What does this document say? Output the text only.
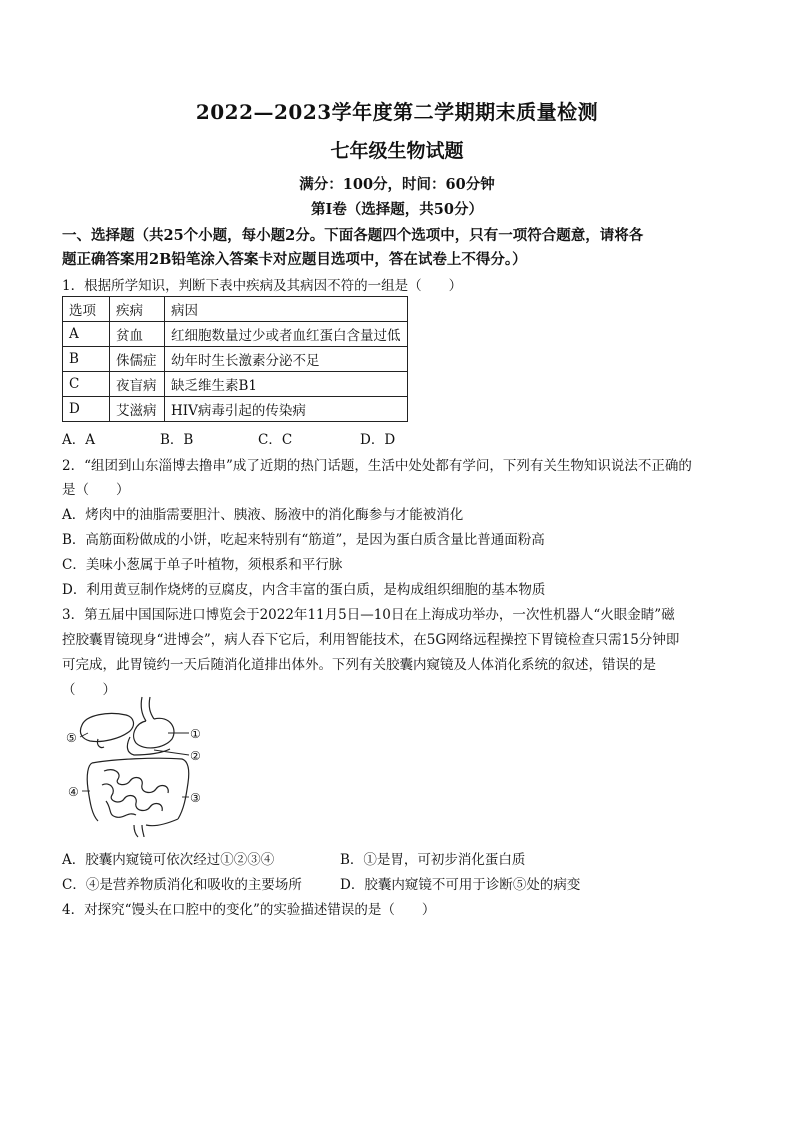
2022—2023学年度第二学期期末质量检测
七年级生物试题
满分：100分，时间：60分钟
第Ⅰ卷（选择题，共50分）
一、选择题（共25个小题，每小题2分。下面各题四个选项中，只有一项符合题意，请将各
题正确答案用2B铅笔涂入答案卡对应题目选项中，答在试卷上不得分。）
1．根据所学知识，判断下表中疾病及其病因不符的一组是（　　）
选项	疾病	病因
A	贫血	红细胞数量过少或者血红蛋白含量过低
B	侏儒症	幼年时生长激素分泌不足
C	夜盲病	缺乏维生素B1
D	艾滋病	HIV病毒引起的传染病
A．A	B．B	C．C	D．D
2．“组团到山东淄博去撸串”成了近期的热门话题，生活中处处都有学问，下列有关生物知识说法不正确的
是（　　）
A．烤肉中的油脂需要胆汁、胰液、肠液中的消化酶参与才能被消化
B．高筋面粉做成的小饼，吃起来特别有“筋道”，是因为蛋白质含量比普通面粉高
C．美味小葱属于单子叶植物，须根系和平行脉
D．利用黄豆制作烧烤的豆腐皮，内含丰富的蛋白质，是构成组织细胞的基本物质
3．第五届中国国际进口博览会于2022年11月5日—10日在上海成功举办，一次性机器人“火眼金睛”磁
控胶囊胃镜现身“进博会”，病人吞下它后，利用智能技术，在5G网络远程操控下胃镜检查只需15分钟即
可完成，此胃镜约一天后随消化道排出体外。下列有关胶囊内窥镜及人体消化系统的叙述，错误的是
（　　）
①
②
③
④
⑤
A．胶囊内窥镜可依次经过①②③④	B．①是胃，可初步消化蛋白质
C．④是营养物质消化和吸收的主要场所	D．胶囊内窥镜不可用于诊断⑤处的病变
4．对探究“馒头在口腔中的变化”的实验描述错误的是（　　）
